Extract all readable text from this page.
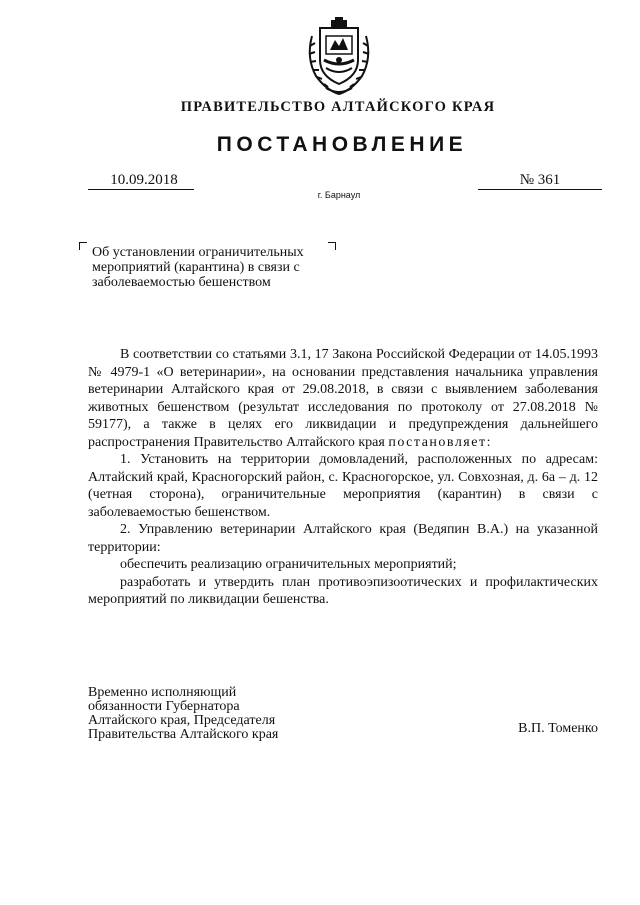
ПРАВИТЕЛЬСТВО АЛТАЙСКОГО КРАЯ
ПОСТАНОВЛЕНИЕ
10.09.2018	№ 361
г. Барнаул
Об установлении ограничительных
мероприятий (карантина) в связи с
заболеваемостью бешенством

В соответствии со статьями 3.1, 17 Закона Российской Федерации от 14.05.1993 № 4979-1 «О ветеринарии», на основании представления начальника управления ветеринарии Алтайского края от 29.08.2018, в связи с выявлением заболевания животных бешенством (результат исследования по протоколу от 27.08.2018 № 59177), а также в целях его ликвидации и предупреждения дальнейшего распространения Правительство Алтайского края постановляет:

1. Установить на территории домовладений, расположенных по адресам: Алтайский край, Красногорский район, с. Красногорское, ул. Совхозная, д. 6а – д. 12 (четная сторона), ограничительные мероприятия (карантин) в связи с заболеваемостью бешенством.

2. Управлению ветеринарии Алтайского края (Ведяпин В.А.) на указанной территории:

обеспечить реализацию ограничительных мероприятий;

разработать и утвердить план противоэпизоотических и профилактических мероприятий по ликвидации бешенства.

Временно исполняющий
обязанности Губернатора
Алтайского края, Председателя
Правительства Алтайского края	В.П. Томенко
